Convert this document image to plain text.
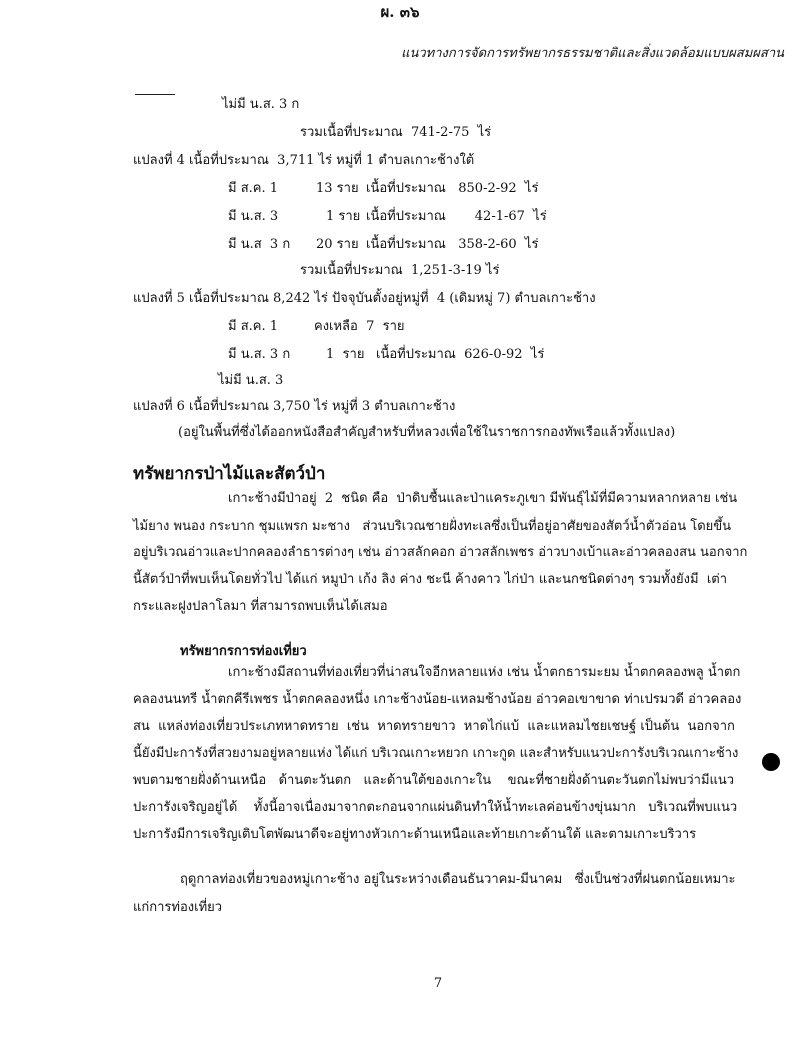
ผ. ๓๖
แนวทางการจัดการทรัพยากรธรรมชาติและสิ่งแวดล้อมแบบผสมผสาน
ไม่มี น.ส. 3 ก
รวมเนื้อที่ประมาณ  741-2-75  ไร่
แปลงที่ 4 เนื้อที่ประมาณ  3,711 ไร่ หมู่ที่ 1 ตำบลเกาะช้างใต้
มี ส.ค. 1	13 ราย เนื้อที่ประมาณ   850-2-92  ไร่
มี น.ส. 3	1 ราย เนื้อที่ประมาณ       42-1-67  ไร่
มี น.ส  3 ก 20 ราย เนื้อที่ประมาณ   358-2-60  ไร่
รวมเนื้อที่ประมาณ  1,251-3-19 ไร่
แปลงที่ 5 เนื้อที่ประมาณ 8,242 ไร่ ปัจจุบันตั้งอยู่หมู่ที่  4 (เดิมหมู่ 7) ตำบลเกาะช้าง
มี ส.ค. 1	คงเหลือ  7  ราย
มี น.ส. 3 ก	1  ราย เนื้อที่ประมาณ  626-0-92  ไร่
ไม่มี น.ส. 3
แปลงที่ 6 เนื้อที่ประมาณ 3,750 ไร่ หมู่ที่ 3 ตำบลเกาะช้าง
(อยู่ในพื้นที่ซึ่งได้ออกหนังสือสำคัญสำหรับที่หลวงเพื่อใช้ในราชการกองทัพเรือแล้วทั้งแปลง)
ทรัพยากรป่าไม้และสัตว์ป่า
เกาะช้างมีป่าอยู่  2  ชนิด คือ  ป่าดิบชื้นและป่าแคระภูเขา มีพันธุ์ไม้ที่มีความหลากหลาย เช่น
ไม้ยาง พนอง กระบาก ชุมแพรก มะชาง   ส่วนบริเวณชายฝั่งทะเลซึ่งเป็นที่อยู่อาศัยของสัตว์น้ำตัวอ่อน โดยขึ้น
อยู่บริเวณอ่าวและปากคลองลำธารต่างๆ เช่น อ่าวสลักคอก อ่าวสลักเพชร อ่าวบางเบ้าและอ่าวคลองสน นอกจาก
นี้สัตว์ป่าที่พบเห็นโดยทั่วไป ได้แก่ หมูป่า เก้ง ลิง ค่าง ชะนี ค้างคาว ไก่ป่า และนกชนิดต่างๆ รวมทั้งยังมี  เต่า
กระและฝูงปลาโลมา ที่สามารถพบเห็นได้เสมอ
ทรัพยากรการท่องเที่ยว
เกาะช้างมีสถานที่ท่องเที่ยวที่น่าสนใจอีกหลายแห่ง เช่น น้ำตกธารมะยม น้ำตกคลองพลู น้ำตก
คลองนนทรี น้ำตกคีรีเพชร น้ำตกคลองหนึ่ง เกาะช้างน้อย-แหลมช้างน้อย อ่าวคอเขาขาด ท่าเปรมวดี อ่าวคลอง
สน  แหล่งท่องเที่ยวประเภทหาดทราย  เช่น  หาดทรายขาว  หาดไก่แบ้  และแหลมไชยเชษฐ์ เป็นต้น  นอกจาก
นี้ยังมีปะการังที่สวยงามอยู่หลายแห่ง ได้แก่ บริเวณเกาะหยวก เกาะกูด และสำหรับแนวปะการังบริเวณเกาะช้าง
พบตามชายฝั่งด้านเหนือ   ด้านตะวันตก   และด้านใต้ของเกาะใน    ขณะที่ชายฝั่งด้านตะวันตกไม่พบว่ามีแนว
ปะการังเจริญอยู่ได้    ทั้งนี้อาจเนื่องมาจากตะกอนจากแผ่นดินทำให้น้ำทะเลค่อนข้างขุ่นมาก   บริเวณที่พบแนว
ปะการังมีการเจริญเติบโตพัฒนาดีจะอยู่ทางหัวเกาะด้านเหนือและท้ายเกาะด้านใต้ และตามเกาะบริวาร
ฤดูกาลท่องเที่ยวของหมู่เกาะช้าง อยู่ในระหว่างเดือนธันวาคม-มีนาคม   ซึ่งเป็นช่วงที่ฝนตกน้อยเหมาะ
แก่การท่องเที่ยว
7
